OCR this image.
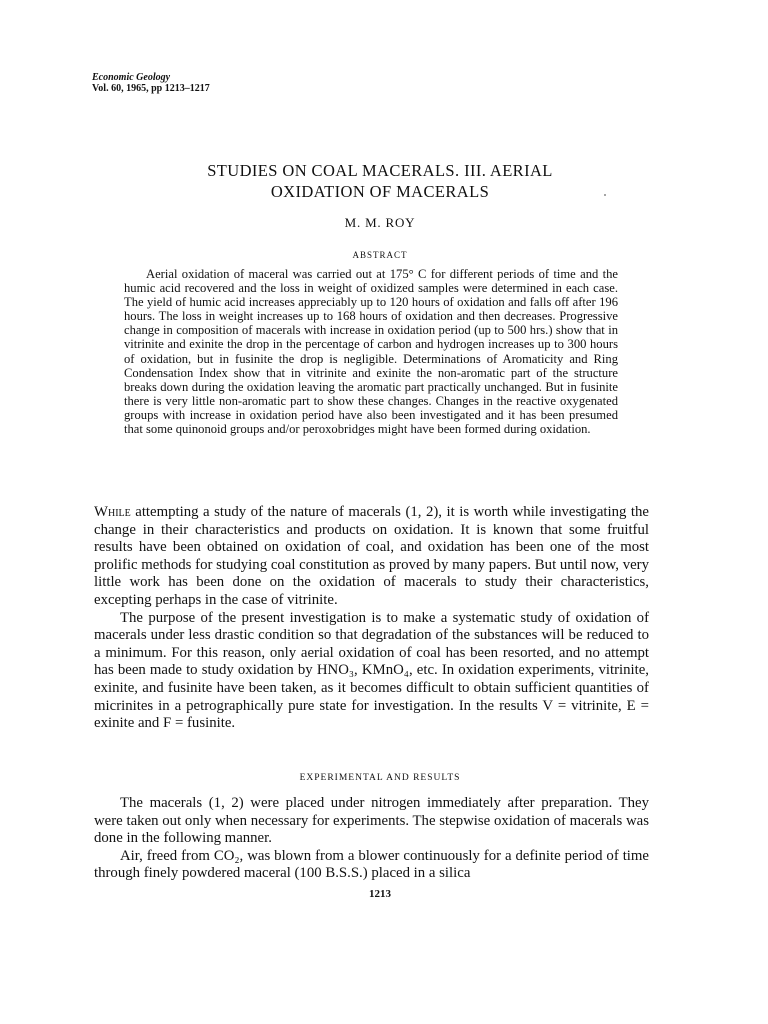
Economic Geology
Vol. 60, 1965, pp 1213–1217
STUDIES ON COAL MACERALS. III. AERIAL
OXIDATION OF MACERALS
M. M. ROY
ABSTRACT

Aerial oxidation of maceral was carried out at 175° C for different periods of time and the humic acid recovered and the loss in weight of oxidized samples were determined in each case. The yield of humic acid increases appreciably up to 120 hours of oxidation and falls off after 196 hours. The loss in weight increases up to 168 hours of oxidation and then decreases. Progressive change in composition of macerals with increase in oxidation period (up to 500 hrs.) show that in vitrinite and exinite the drop in the percentage of carbon and hydrogen increases up to 300 hours of oxidation, but in fusinite the drop is negligible. Determinations of Aromaticity and Ring Condensation Index show that in vitrinite and exinite the non-aromatic part of the structure breaks down during the oxidation leaving the aromatic part practically unchanged. But in fusinite there is very little non-aromatic part to show these changes. Changes in the reactive oxygenated groups with increase in oxidation period have also been investigated and it has been presumed that some quinonoid groups and/or peroxobridges might have been formed during oxidation.

While attempting a study of the nature of macerals (1, 2), it is worth while investigating the change in their characteristics and products on oxidation. It is known that some fruitful results have been obtained on oxidation of coal, and oxidation has been one of the most prolific methods for studying coal constitution as proved by many papers. But until now, very little work has been done on the oxidation of macerals to study their characteristics, excepting perhaps in the case of vitrinite.

The purpose of the present investigation is to make a systematic study of oxidation of macerals under less drastic condition so that degradation of the substances will be reduced to a minimum. For this reason, only aerial oxidation of coal has been resorted, and no attempt has been made to study oxidation by HNO₃, KMnO₄, etc. In oxidation experiments, vitrinite, exinite, and fusinite have been taken, as it becomes difficult to obtain sufficient quantities of micrinites in a petrographically pure state for investigation. In the results V = vitrinite, E = exinite and F = fusinite.

EXPERIMENTAL AND RESULTS

The macerals (1, 2) were placed under nitrogen immediately after preparation. They were taken out only when necessary for experiments. The stepwise oxidation of macerals was done in the following manner.

Air, freed from CO₂, was blown from a blower continuously for a definite period of time through finely powdered maceral (100 B.S.S.) placed in a silica

1213
